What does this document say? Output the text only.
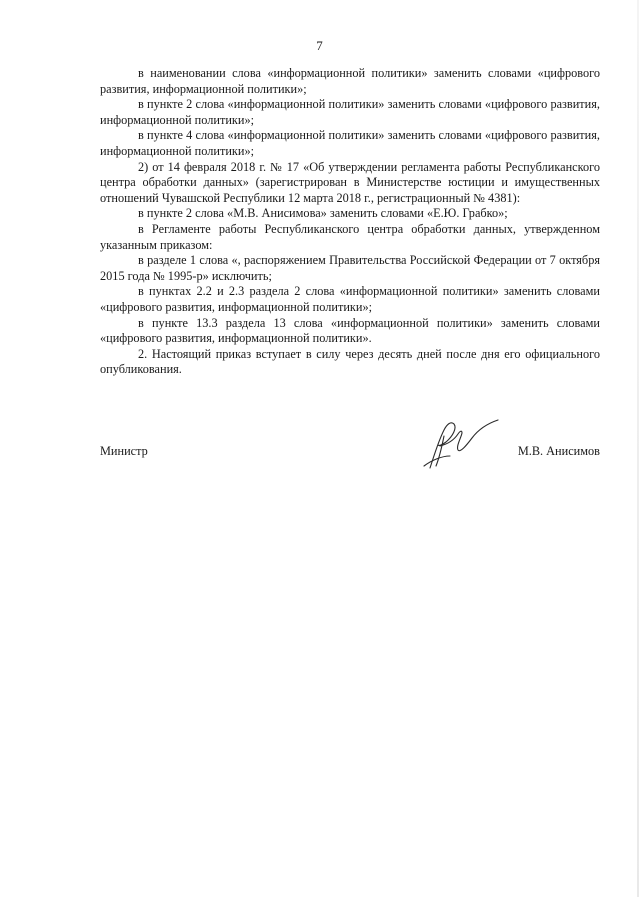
7

в наименовании слова «информационной политики» заменить словами «цифрового развития, информационной политики»;

в пункте 2 слова «информационной политики» заменить словами «цифрового развития, информационной политики»;

в пункте 4 слова «информационной политики» заменить словами «цифрового развития, информационной политики»;

2) от 14 февраля 2018 г. № 17 «Об утверждении регламента работы Республиканского центра обработки данных» (зарегистрирован в Министерстве юстиции и имущественных отношений Чувашской Республики 12 марта 2018 г., регистрационный № 4381):

в пункте 2 слова «М.В. Анисимова» заменить словами «Е.Ю. Грабко»;

в Регламенте работы Республиканского центра обработки данных, утвержденном указанным приказом:

в разделе 1 слова «, распоряжением Правительства Российской Федерации от 7 октября 2015 года № 1995-р» исключить;

в пунктах 2.2 и 2.3 раздела 2 слова «информационной политики» заменить словами «цифрового развития, информационной политики»;

в пункте 13.3 раздела 13 слова «информационной политики» заменить словами «цифрового развития, информационной политики».

2. Настоящий приказ вступает в силу через десять дней после дня его официального опубликования.

Министр	М.В. Анисимов
